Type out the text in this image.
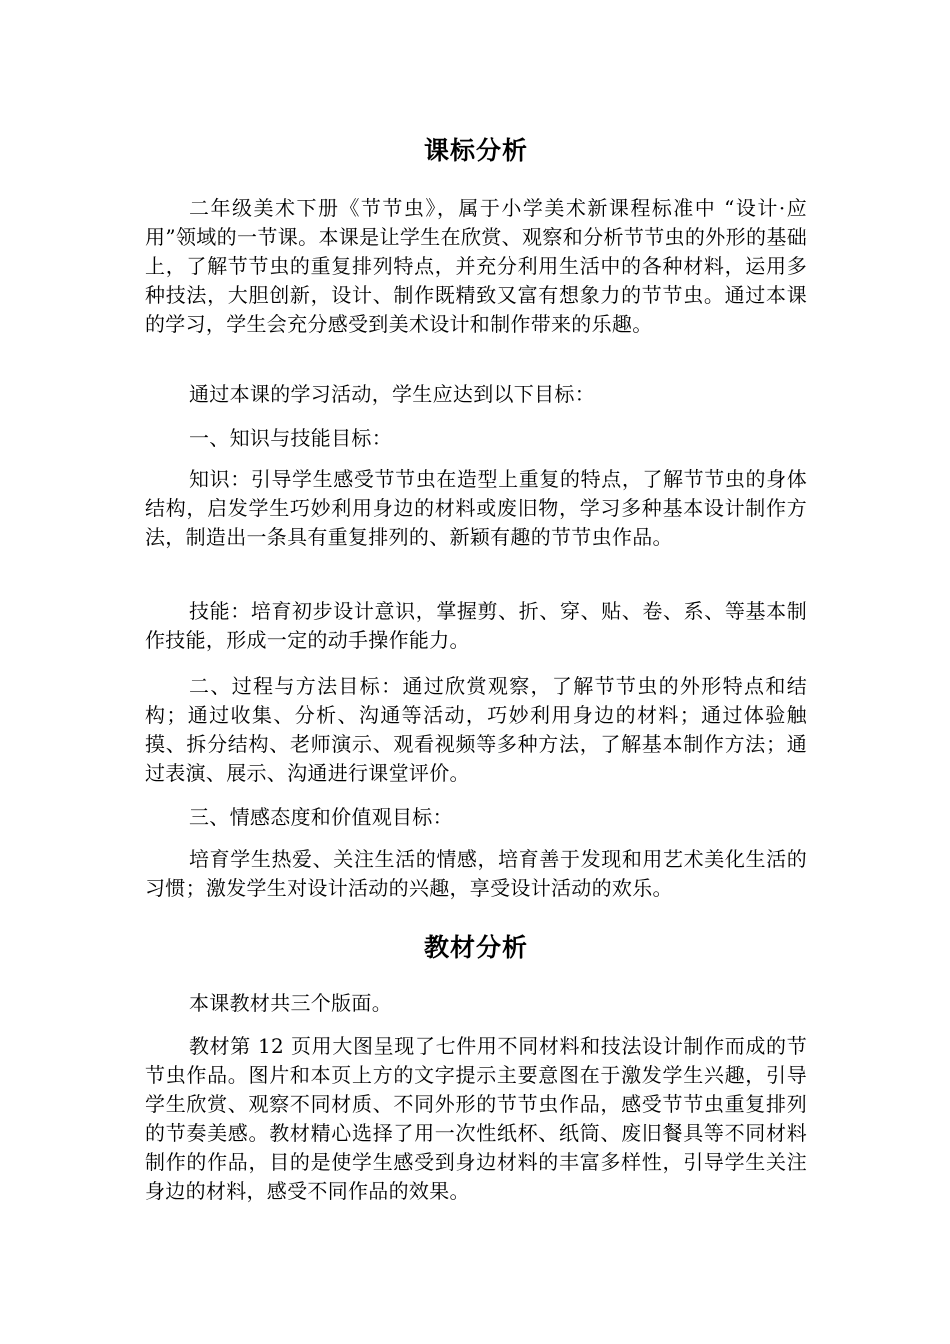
课标分析

二年级美术下册《节节虫》，属于小学美术新课程标准中 “设计·应用”领域的一节课。本课是让学生在欣赏、观察和分析节节虫的外形的基础上，了解节节虫的重复排列特点，并充分利用生活中的各种材料，运用多种技法，大胆创新，设计、制作既精致又富有想象力的节节虫。通过本课的学习，学生会充分感受到美术设计和制作带来的乐趣。

通过本课的学习活动，学生应达到以下目标：

一、知识与技能目标：

知识：引导学生感受节节虫在造型上重复的特点，了解节节虫的身体结构，启发学生巧妙利用身边的材料或废旧物，学习多种基本设计制作方法，制造出一条具有重复排列的、新颖有趣的节节虫作品。

技能：培育初步设计意识，掌握剪、折、穿、贴、卷、系、等基本制作技能，形成一定的动手操作能力。

二、过程与方法目标：通过欣赏观察，了解节节虫的外形特点和结构；通过收集、分析、沟通等活动，巧妙利用身边的材料；通过体验触摸、拆分结构、老师演示、观看视频等多种方法，了解基本制作方法；通过表演、展示、沟通进行课堂评价。

三、情感态度和价值观目标：

培育学生热爱、关注生活的情感，培育善于发现和用艺术美化生活的习惯；激发学生对设计活动的兴趣，享受设计活动的欢乐。

教材分析

本课教材共三个版面。

教材第 12 页用大图呈现了七件用不同材料和技法设计制作而成的节节虫作品。图片和本页上方的文字提示主要意图在于激发学生兴趣，引导学生欣赏、观察不同材质、不同外形的节节虫作品，感受节节虫重复排列的节奏美感。教材精心选择了用一次性纸杯、纸筒、废旧餐具等不同材料制作的作品，目的是使学生感受到身边材料的丰富多样性，引导学生关注身边的材料，感受不同作品的效果。
